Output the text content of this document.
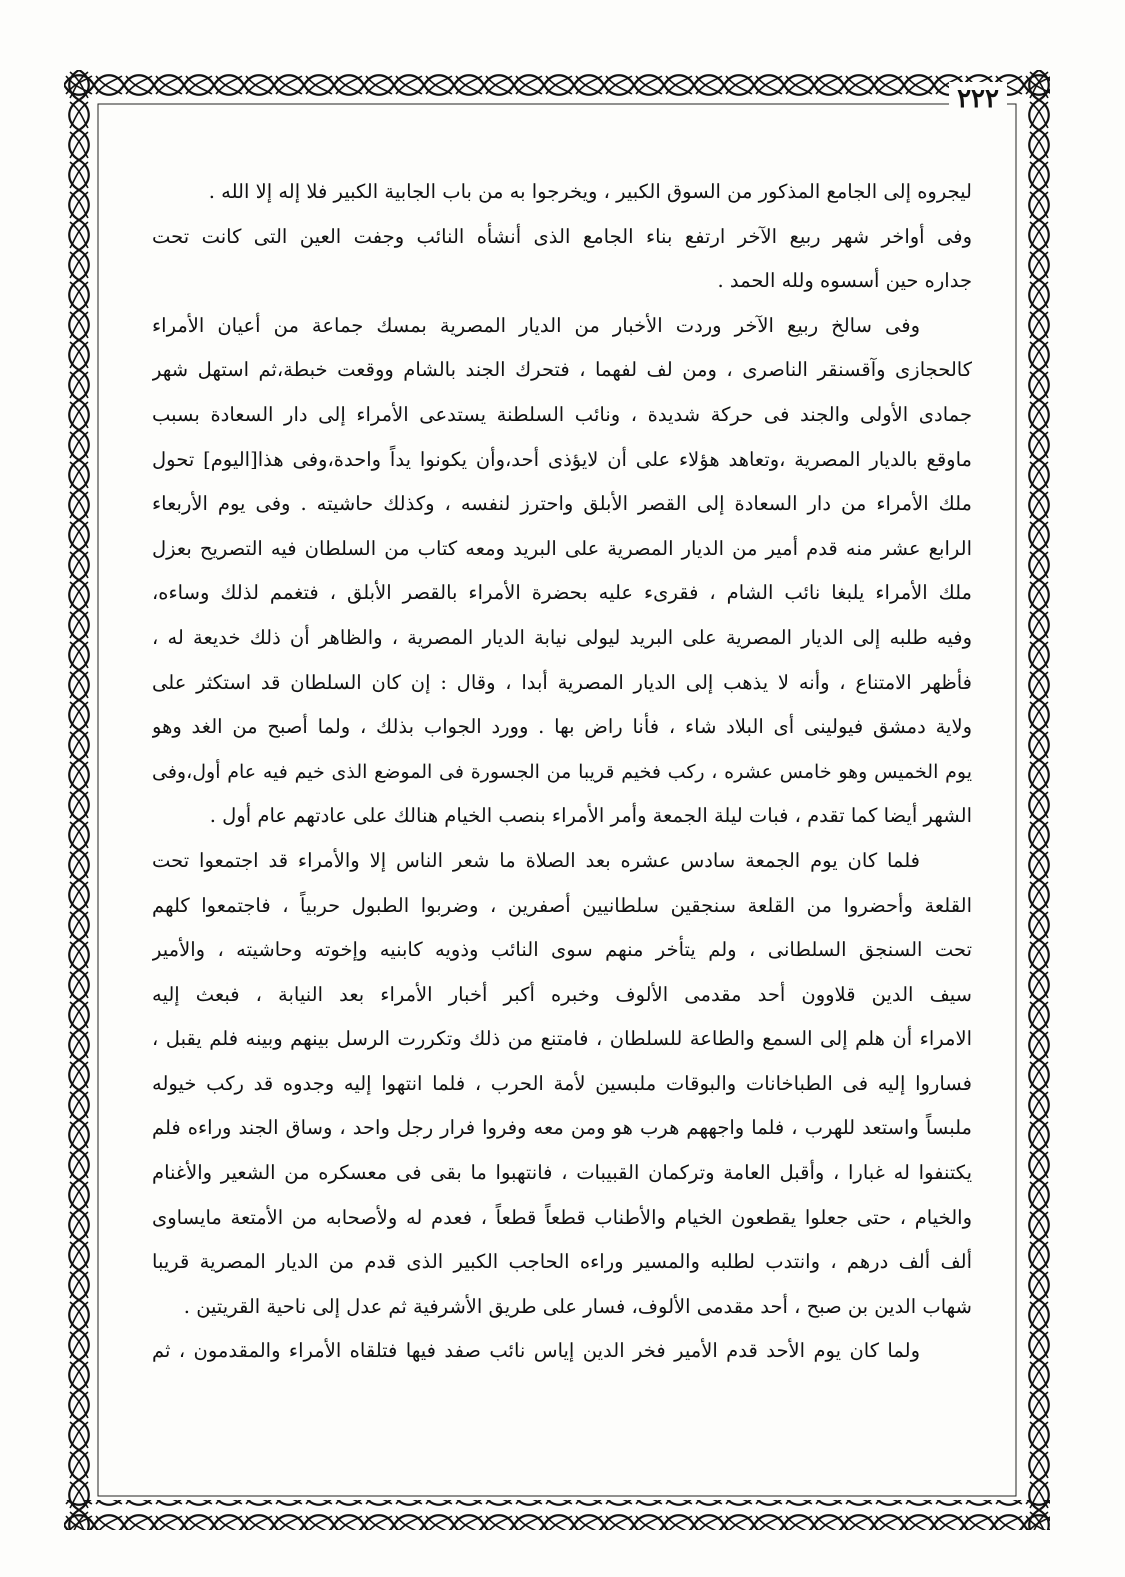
٢٢٢
ليجروه إلى الجامع المذكور من السوق الكبير ، ويخرجوا به من باب الجابية الكبير فلا إله إلا الله .
وفى أواخر شهر ربيع الآخر ارتفع بناء الجامع الذى أنشأه النائب وجفت العين التى كانت تحت
جداره حين أسسوه ولله الحمد .
وفى سالخ ربيع الآخر وردت الأخبار من الديار المصرية بمسك جماعة من أعيان الأمراء
كالحجازى وآقسنقر الناصرى ، ومن لف لفهما ، فتحرك الجند بالشام ووقعت خبطة،ثم استهل شهر
جمادى الأولى والجند فى حركة شديدة ، ونائب السلطنة يستدعى الأمراء إلى دار السعادة بسبب
ماوقع بالديار المصرية ،وتعاهد هؤلاء على أن لايؤذى أحد،وأن يكونوا يداً واحدة،وفى هذا[اليوم] تحول
ملك الأمراء من دار السعادة إلى القصر الأبلق واحترز لنفسه ، وكذلك حاشيته . وفى يوم الأربعاء
الرابع عشر منه قدم أمير من الديار المصرية على البريد ومعه كتاب من السلطان فيه التصريح بعزل
ملك الأمراء يلبغا نائب الشام ، فقرىء عليه بحضرة الأمراء بالقصر الأبلق ، فتغمم لذلك وساءه،
وفيه طلبه إلى الديار المصرية على البريد ليولى نيابة الديار المصرية ، والظاهر أن ذلك خديعة له ،
فأظهر الامتناع ، وأنه لا يذهب إلى الديار المصرية أبدا ، وقال : إن كان السلطان قد استكثر على
ولاية دمشق فيولينى أى البلاد شاء ، فأنا راض بها . وورد الجواب بذلك ، ولما أصبح من الغد وهو
يوم الخميس وهو خامس عشره ، ركب فخيم قريبا من الجسورة فى الموضع الذى خيم فيه عام أول،وفى
الشهر أيضا كما تقدم ، فبات ليلة الجمعة وأمر الأمراء بنصب الخيام هنالك على عادتهم عام أول .
فلما كان يوم الجمعة سادس عشره بعد الصلاة ما شعر الناس إلا والأمراء قد اجتمعوا تحت
القلعة وأحضروا من القلعة سنجقين سلطانيين أصفرين ، وضربوا الطبول حربياً ، فاجتمعوا كلهم
تحت السنجق السلطانى ، ولم يتأخر منهم سوى النائب وذويه كابنيه وإخوته وحاشيته ، والأمير
سيف الدين قلاوون أحد مقدمى الألوف وخبره أكبر أخبار الأمراء بعد النيابة ، فبعث إليه
الامراء أن هلم إلى السمع والطاعة للسلطان ، فامتنع من ذلك وتكررت الرسل بينهم وبينه فلم يقبل ،
فساروا إليه فى الطباخانات والبوقات ملبسين لأمة الحرب ، فلما انتهوا إليه وجدوه قد ركب خيوله
ملبساً واستعد للهرب ، فلما واجههم هرب هو ومن معه وفروا فرار رجل واحد ، وساق الجند وراءه فلم
يكتنفوا له غبارا ، وأقبل العامة وتركمان القبيبات ، فانتهبوا ما بقى فى معسكره من الشعير والأغنام
والخيام ، حتى جعلوا يقطعون الخيام والأطناب قطعاً قطعاً ، فعدم له ولأصحابه من الأمتعة مايساوى
ألف ألف درهم ، وانتدب لطلبه والمسير وراءه الحاجب الكبير الذى قدم من الديار المصرية قريبا
شهاب الدين بن صبح ، أحد مقدمى الألوف، فسار على طريق الأشرفية ثم عدل إلى ناحية القريتين .
ولما كان يوم الأحد قدم الأمير فخر الدين إياس نائب صفد فيها فتلقاه الأمراء والمقدمون ، ثم
